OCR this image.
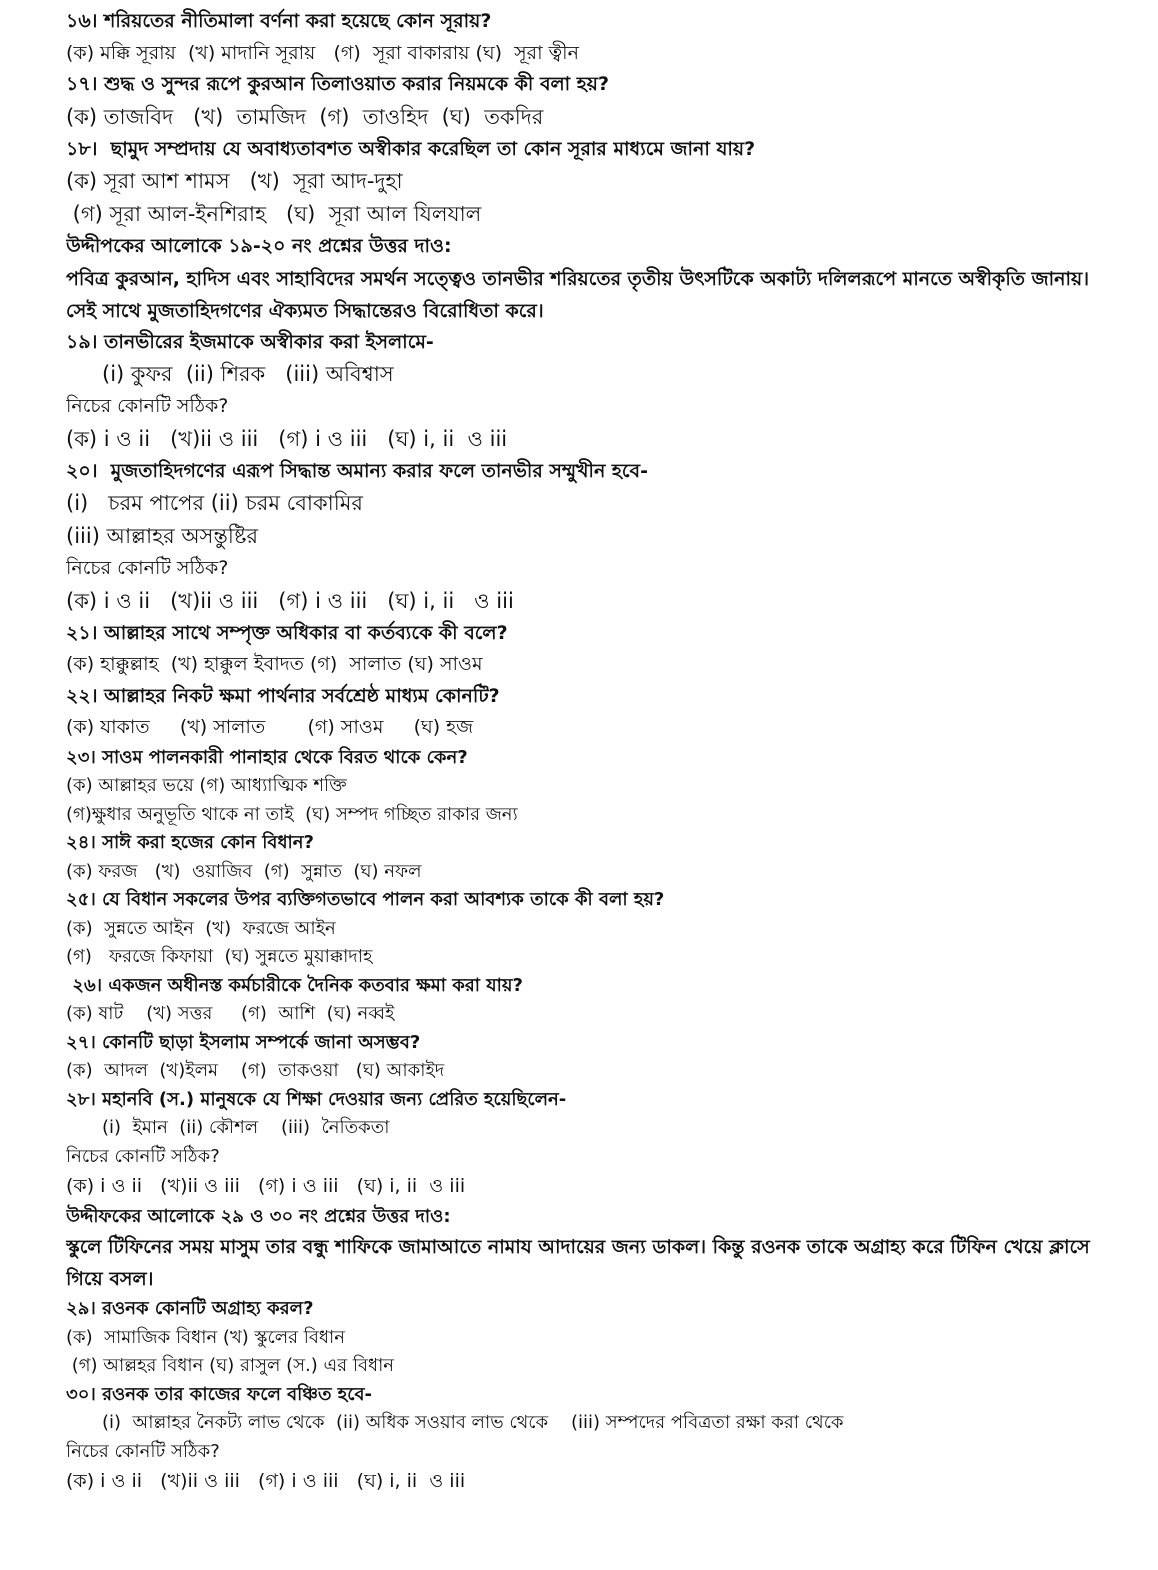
১৬। শরিয়তের নীতিমালা বর্ণনা করা হয়েছে কোন সূরায়?
(ক) মক্কি সূরায়  (খ) মাদানি সূরায়   (গ)  সূরা বাকারায় (ঘ)  সূরা ত্বীন
১৭। শুদ্ধ ও সুন্দর রূপে কুরআন তিলাওয়াত করার নিয়মকে কী বলা হয়?
(ক) তাজবিদ   (খ)  তামজিদ  (গ)  তাওহিদ  (ঘ)  তকদির
১৮।  ছামুদ সম্প্রদায় যে অবাধ্যতাবশত অস্বীকার করেছিল তা কোন সূরার মাধ্যমে জানা যায়?
(ক) সূরা আশ শামস   (খ)  সূরা আদ-দুহা
(গ) সূরা আল-ইনশিরাহ   (ঘ)  সূরা আল যিলযাল
উদ্দীপকের আলোকে ১৯-২০ নং প্রশ্নের উত্তর দাও:
পবিত্র কুরআন, হাদিস এবং সাহাবিদের সমর্থন সত্ত্বেও তানভীর শরিয়তের তৃতীয় উৎসটিকে অকাট্য দলিলরূপে মানতে অস্বীকৃতি জানায়। সেই সাথে মুজতাহিদগণের ঐক্যমত সিদ্ধান্তেরও বিরোধিতা করে।
১৯। তানভীরের ইজমাকে অস্বীকার করা ইসলামে-
(i) কুফর  (ii) শিরক   (iii) অবিশ্বাস
নিচের কোনটি সঠিক?
(ক) i ও ii   (খ)ii ও iii   (গ) i ও iii   (ঘ) i, ii  ও iii
২০।  মুজতাহিদগণের এরূপ সিদ্ধান্ত অমান্য করার ফলে তানভীর সম্মুখীন হবে-
(i)   চরম পাপের (ii) চরম বোকামির
(iii) আল্লাহর অসন্তুষ্টির
নিচের কোনটি সঠিক?
(ক) i ও ii   (খ)ii ও iii   (গ) i ও iii   (ঘ) i, ii   ও iii
২১। আল্লাহর সাথে সম্পৃক্ত অধিকার বা কর্তব্যকে কী বলে?
(ক) হাক্কুল্লাহ  (খ) হাক্কুল ইবাদত (গ)  সালাত (ঘ) সাওম
২২। আল্লাহর নিকট ক্ষমা পার্থনার সর্বশ্রেষ্ঠ মাধ্যম কোনটি?
(ক) যাকাত     (খ) সালাত       (গ) সাওম     (ঘ) হজ
২৩। সাওম পালনকারী পানাহার থেকে বিরত থাকে কেন?
(ক) আল্লাহর ভয়ে (গ) আধ্যাত্মিক শক্তি
(গ)ক্ষুধার অনুভূতি থাকে না তাই  (ঘ) সম্পদ গচ্ছিত রাকার জন্য
২৪। সাঈ করা হজের কোন বিধান?
(ক) ফরজ   (খ)  ওয়াজিব  (গ)  সুন্নাত  (ঘ) নফল
২৫। যে বিধান সকলের উপর ব্যক্তিগতভাবে পালন করা আবশ্যক তাকে কী বলা হয়?
(ক)  সুন্নতে আইন  (খ)  ফরজে আইন
(গ)   ফরজে কিফায়া  (ঘ) সুন্নতে মুয়াক্কাদাহ
২৬। একজন অধীনস্ত কর্মচারীকে দৈনিক কতবার ক্ষমা করা যায়?
(ক) ষাট    (খ) সত্তর     (গ)  আশি  (ঘ) নব্বই
২৭। কোনটি ছাড়া ইসলাম সম্পর্কে জানা অসম্ভব?
(ক)  আদল  (খ)ইলম    (গ)  তাকওয়া   (ঘ) আকাইদ
২৮। মহানবি (স.) মানুষকে যে শিক্ষা দেওয়ার জন্য প্রেরিত হয়েছিলেন-
(i)  ইমান  (ii) কৌশল    (iii)  নৈতিকতা
নিচের কোনটি সঠিক?
(ক) i ও ii   (খ)ii ও iii   (গ) i ও iii   (ঘ) i, ii  ও iii
উদ্দীফকের আলোকে ২৯ ও ৩০ নং প্রশ্নের উত্তর দাও:
স্কুলে টিফিনের সময় মাসুম তার বন্ধু শাফিকে জামাআতে নামায আদায়ের জন্য ডাকল। কিন্তু রওনক তাকে অগ্রাহ্য করে টিফিন খেয়ে ক্লাসে গিয়ে বসল।
২৯। রওনক কোনটি অগ্রাহ্য করল?
(ক)  সামাজিক বিধান (খ) স্কুলের বিধান
(গ) আল্লহর বিধান (ঘ) রাসুল (স.) এর বিধান
৩০। রওনক তার কাজের ফলে বঞ্চিত হবে-
(i)  আল্লাহর নৈকট্য লাভ থেকে  (ii) অধিক সওয়াব লাভ থেকে    (iii) সম্পদের পবিত্রতা রক্ষা করা থেকে
নিচের কোনটি সঠিক?
(ক) i ও ii   (খ)ii ও iii   (গ) i ও iii   (ঘ) i, ii  ও iii
